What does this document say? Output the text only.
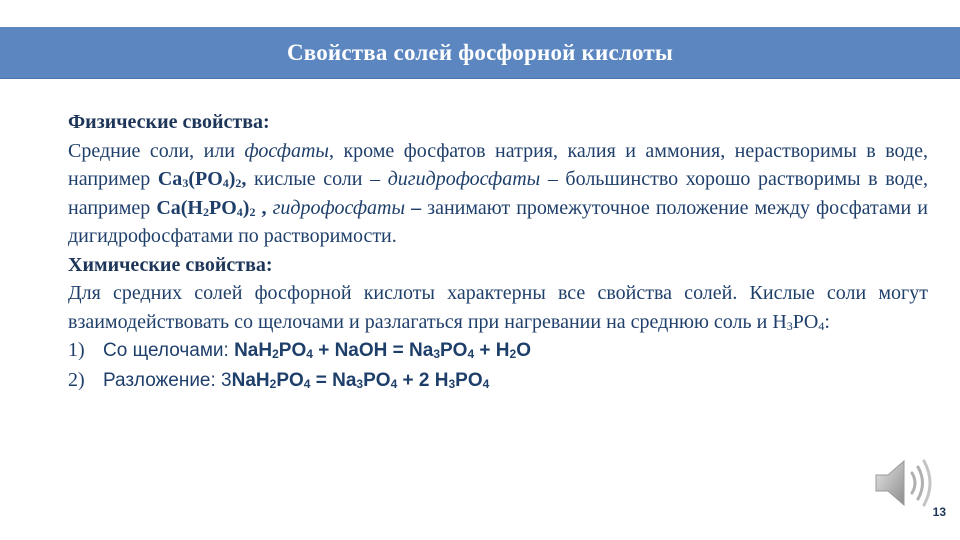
Свойства солей фосфорной кислоты
Физические свойства:
Средние соли, или фосфаты, кроме фосфатов натрия, калия и аммония, нерастворимы в воде, например $Ca_3(PO_4)_2$, кислые соли – дигидрофосфаты – большинство хорошо растворимы в воде, например $Ca(H_2PO_4)_2$ , гидрофосфаты – занимают промежуточное положение между фосфатами и дигидрофосфатами по растворимости.
Химические свойства:
Для средних солей фосфорной кислоты характерны все свойства солей. Кислые соли могут взаимодействовать со щелочами и разлагаться при нагревании на среднюю соль и $H_3PO_4$:
1) Со щелочами: $NaH_2PO_4$ + NaOH = $Na_3PO_4 + H_2O$
2) Разложение: $3NaH_2PO_4 = Na_3PO_4 + 2$ $H_3PO_4$
13
